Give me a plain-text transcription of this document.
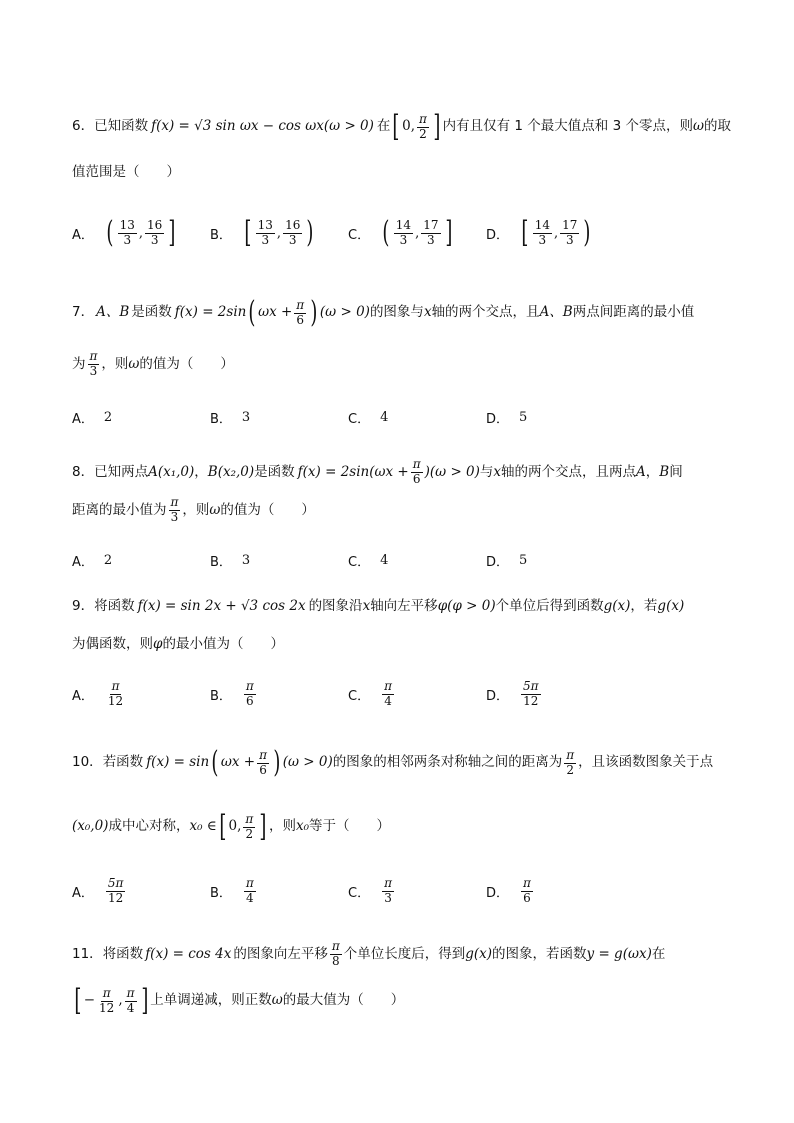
6． 已知函数 f(x) = √3 sin ωx − cos ωx(ω > 0) 在 [ 0, $\frac{\pi}{2}$ ] 内有且仅有 1 个最大值点和 3 个零点，则 ω 的取
值范围是（　　）
A． ( $\frac{13}{3}$ , $\frac{16}{3}$ ]	B． [ $\frac{13}{3}$ , $\frac{16}{3}$ )	C． ( $\frac{14}{3}$ , $\frac{17}{3}$ ]	D． [ $\frac{14}{3}$ , $\frac{17}{3}$ )
7． A、B 是函数 f(x) = 2sin ( $\omega x + \frac{\pi}{6}$ ) (ω > 0) 的图象与 x 轴的两个交点，且 A、B 两点间距离的最小值
为 $\frac{\pi}{3}$ ，则 ω 的值为（　　）
A． 2	B． 3	C． 4	D． 5
8． 已知两点 A(x₁,0) ， B(x₂,0) 是函数 $f(x) = 2\sin(\omega x + \frac{\pi}{6} )(\omega > 0)$ 与 x 轴的两个交点，且两点 A ， B 间
距离的最小值为 $\frac{\pi}{3}$ ，则 ω 的值为（　　）
A． 2	B． 3	C． 4	D． 5
9． 将函数 f(x) = sin 2x + √3 cos 2x 的图象沿 x 轴向左平移 φ(φ > 0) 个单位后得到函数 g(x) ，若 g(x)
为偶函数，则 φ 的最小值为（　　）
A． $\frac{\pi}{12}$	B． $\frac{\pi}{6}$	C． $\frac{\pi}{4}$	D． $\frac{5\pi}{12}$
10． 若函数 f(x) = sin ( $\omega x + \frac{\pi}{6}$ ) (ω > 0) 的图象的相邻两条对称轴之间的距离为 $\frac{\pi}{2}$ ，且该函数图象关于点
(x₀,0) 成中心对称， x₀ ∈ [ 0, $\frac{\pi}{2}$ ] ，则 x₀ 等于（　　）
A． $\frac{5\pi}{12}$	B． $\frac{\pi}{4}$	C． $\frac{\pi}{3}$	D． $\frac{\pi}{6}$
11． 将函数 f(x) = cos 4x 的图象向左平移 $\frac{\pi}{8}$ 个单位长度后，得到 g(x) 的图象，若函数 y = g(ωx) 在
[ − $\frac{\pi}{12}$ , $\frac{\pi}{4}$ ] 上单调递减，则正数 ω 的最大值为（　　）
